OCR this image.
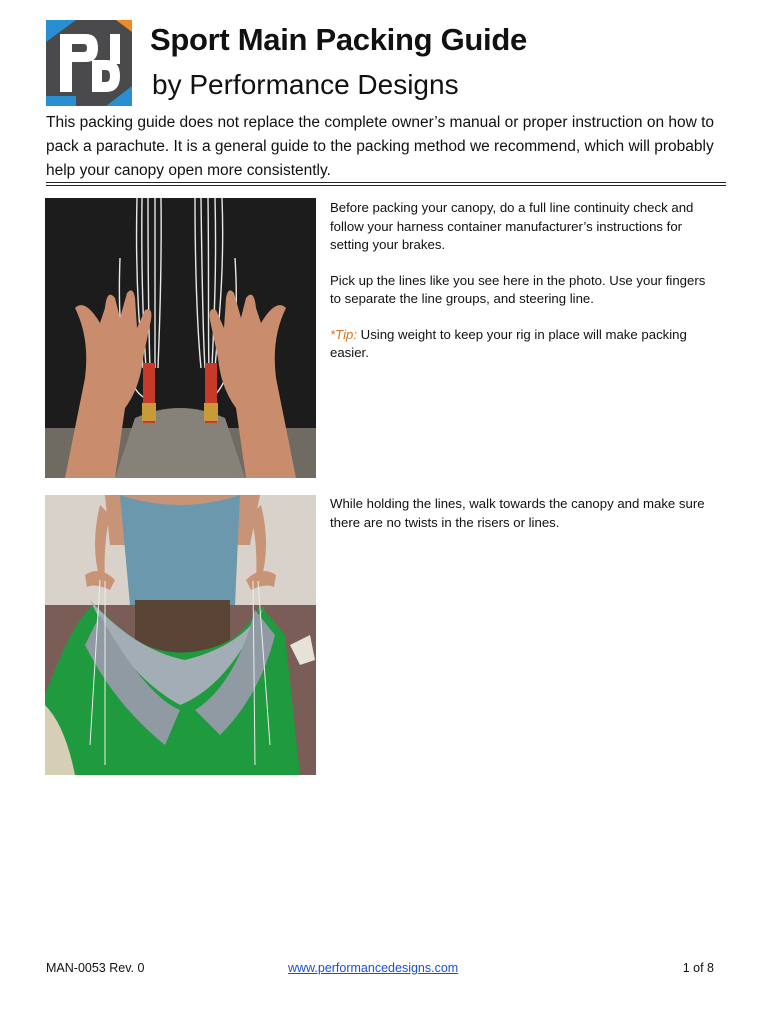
Sport Main Packing Guide
by Performance Designs

This packing guide does not replace the complete owner’s manual or proper instruction on how to pack a parachute. It is a general guide to the packing method we recommend, which will probably help your canopy open more consistently.

Before packing your canopy, do a full line continuity check and follow your harness container manufacturer’s instructions for setting your brakes.

Pick up the lines like you see here in the photo. Use your fingers to separate the line groups, and steering line.

*Tip: Using weight to keep your rig in place will make packing easier.

While holding the lines, walk towards the canopy and make sure there are no twists in the risers or lines.

MAN-0053 Rev. 0	www.performancedesigns.com	1 of 8
